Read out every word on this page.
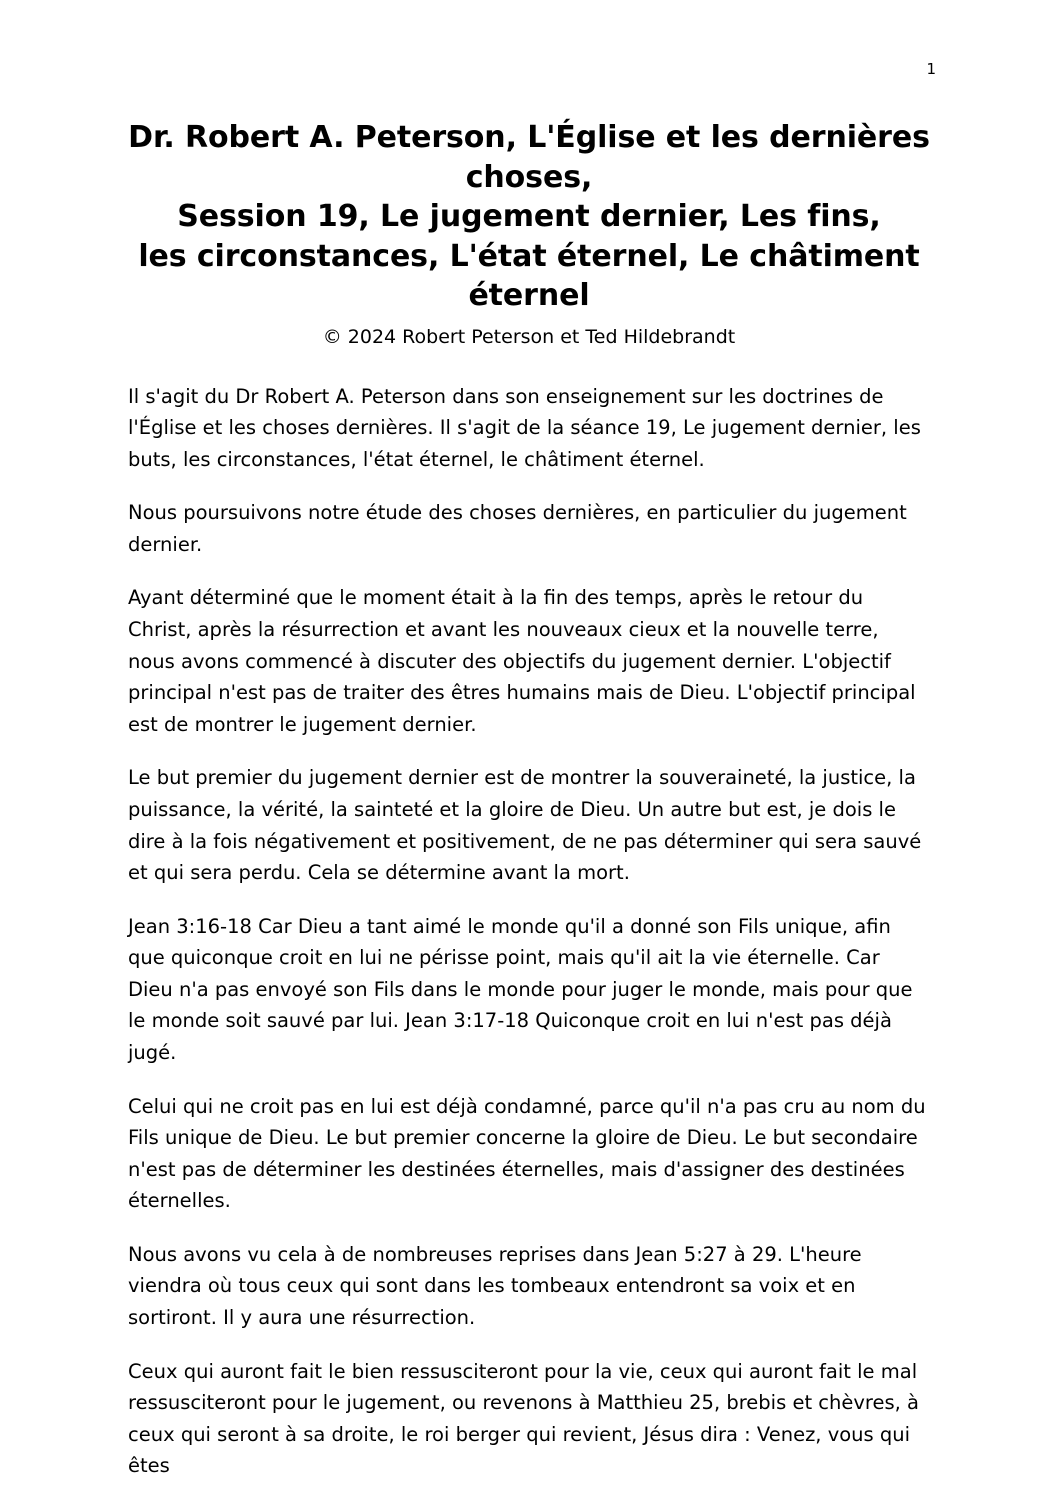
1
Dr. Robert A. Peterson, L'Église et les dernières
choses,
Session 19, Le jugement dernier, Les fins,
les circonstances, L'état éternel, Le châtiment
éternel

© 2024 Robert Peterson et Ted Hildebrandt

Il s'agit du Dr Robert A. Peterson dans son enseignement sur les doctrines de l'Église et les choses dernières. Il s'agit de la séance 19, Le jugement dernier, les buts, les circonstances, l'état éternel, le châtiment éternel.

Nous poursuivons notre étude des choses dernières, en particulier du jugement dernier.

Ayant déterminé que le moment était à la fin des temps, après le retour du Christ, après la résurrection et avant les nouveaux cieux et la nouvelle terre, nous avons commencé à discuter des objectifs du jugement dernier. L'objectif principal n'est pas de traiter des êtres humains mais de Dieu. L'objectif principal est de montrer le jugement dernier.

Le but premier du jugement dernier est de montrer la souveraineté, la justice, la puissance, la vérité, la sainteté et la gloire de Dieu. Un autre but est, je dois le dire à la fois négativement et positivement, de ne pas déterminer qui sera sauvé et qui sera perdu. Cela se détermine avant la mort.

Jean 3:16-18 Car Dieu a tant aimé le monde qu'il a donné son Fils unique, afin que quiconque croit en lui ne périsse point, mais qu'il ait la vie éternelle. Car Dieu n'a pas envoyé son Fils dans le monde pour juger le monde, mais pour que le monde soit sauvé par lui. Jean 3:17-18 Quiconque croit en lui n'est pas déjà jugé.

Celui qui ne croit pas en lui est déjà condamné, parce qu'il n'a pas cru au nom du Fils unique de Dieu. Le but premier concerne la gloire de Dieu. Le but secondaire n'est pas de déterminer les destinées éternelles, mais d'assigner des destinées éternelles.

Nous avons vu cela à de nombreuses reprises dans Jean 5:27 à 29. L'heure viendra où tous ceux qui sont dans les tombeaux entendront sa voix et en sortiront. Il y aura une résurrection.

Ceux qui auront fait le bien ressusciteront pour la vie, ceux qui auront fait le mal ressusciteront pour le jugement, ou revenons à Matthieu 25, brebis et chèvres, à ceux qui seront à sa droite, le roi berger qui revient, Jésus dira : Venez, vous qui êtes
